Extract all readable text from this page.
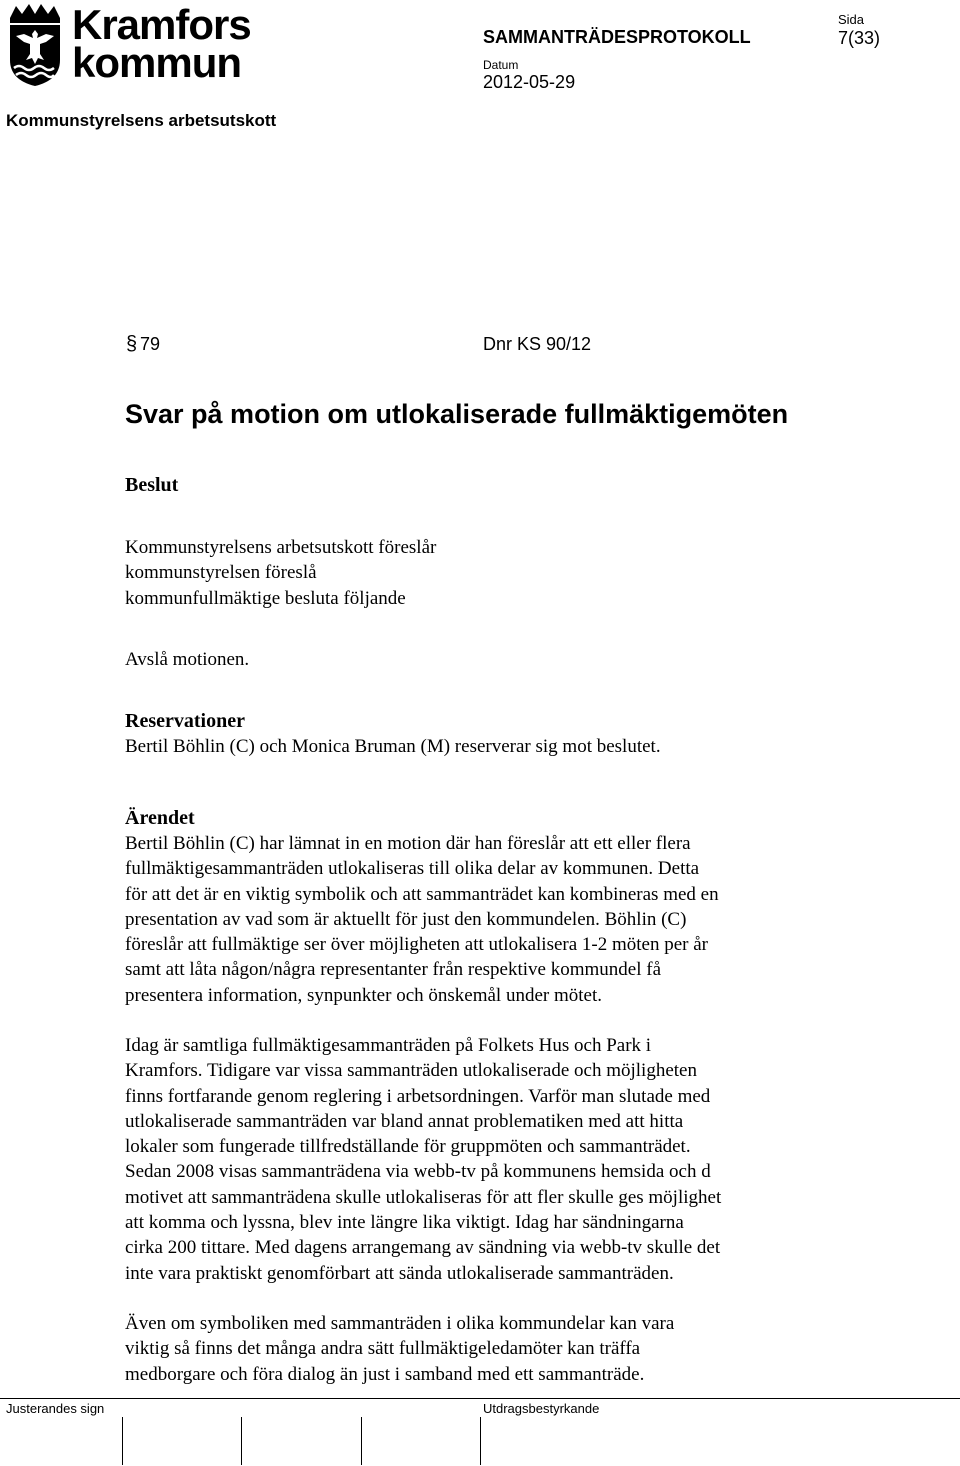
Kramfors
kommun
SAMMANTRÄDESPROTOKOLL
Sida
7(33)
Datum
2012-05-29
Kommunstyrelsens arbetsutskott
§ 79	Dnr KS 90/12
Svar på motion om utlokaliserade fullmäktigemöten
Beslut

Kommunstyrelsens arbetsutskott föreslår

kommunstyrelsen föreslå

kommunfullmäktige besluta följande

Avslå motionen.
Reservationer
Bertil Böhlin (C) och Monica Bruman (M) reserverar sig mot beslutet.
Ärendet

Bertil Böhlin (C) har lämnat in en motion där han föreslår att ett eller flera

fullmäktigesammanträden utlokaliseras till olika delar av kommunen. Detta

för att det är en viktig symbolik och att sammanträdet kan kombineras med en

presentation av vad som är aktuellt för just den kommundelen. Böhlin (C)

föreslår att fullmäktige ser över möjligheten att utlokalisera 1-2 möten per år

samt att låta någon/några representanter från respektive kommundel få

presentera information, synpunkter och önskemål under mötet.

Idag är samtliga fullmäktigesammanträden på Folkets Hus och Park i

Kramfors. Tidigare var vissa sammanträden utlokaliserade och möjligheten

finns fortfarande genom reglering i arbetsordningen. Varför man slutade med

utlokaliserade sammanträden var bland annat problematiken med att hitta

lokaler som fungerade tillfredställande för gruppmöten och sammanträdet.

Sedan 2008 visas sammanträdena via webb-tv på kommunens hemsida och d

motivet att sammanträdena skulle utlokaliseras för att fler skulle ges möjlighet

att komma och lyssna, blev inte längre lika viktigt. Idag har sändningarna

cirka 200 tittare. Med dagens arrangemang av sändning via webb-tv skulle det

inte vara praktiskt genomförbart att sända utlokaliserade sammanträden.

Även om symboliken med sammanträden i olika kommundelar kan vara

viktig så finns det många andra sätt fullmäktigeledamöter kan träffa

medborgare och föra dialog än just i samband med ett sammanträde.

Justerandes sign	Utdragsbestyrkande
